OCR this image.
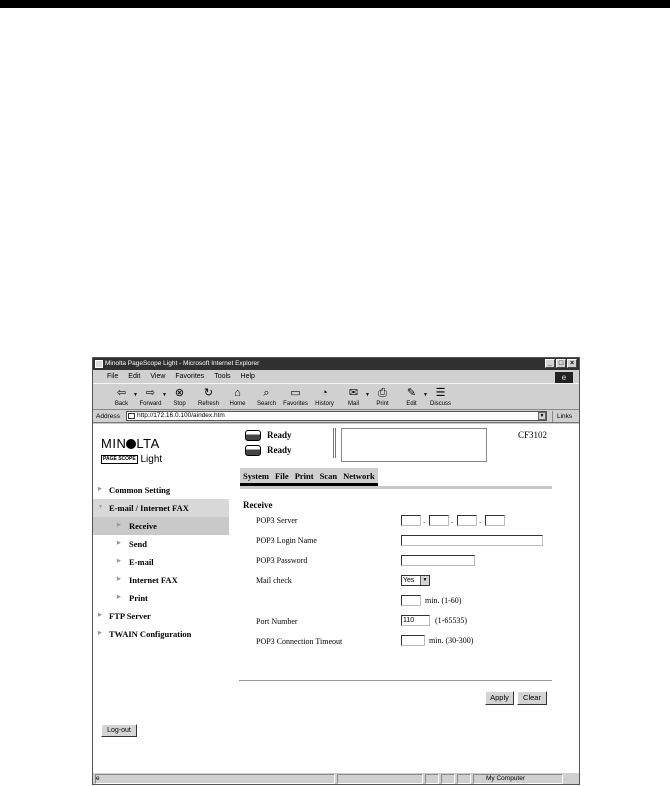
Minolta PageScope Light - Microsoft Internet Explorer	_ □ ×
File Edit View Favorites Tools Help	e
⇦
Back
▼ ⇨
Forward
▼ ⊗
Stop
↻
Refresh
⌂
Home
⌕
Search
▭
Favorites
◔
History
✉
Mail
▼ ⎙
Print
✎
Edit
▼ ☰
Discuss
Address	http://172.16.0.100/aindex.htm	▼	Links
MIN LTA
PAGE SCOPE Light
Ready
Ready
CF3102
System File Print Scan Network
▶ Common Setting
▼ E-mail / Internet FAX
▶ Receive
▶ Send
▶ E-mail
▶ Internet FAX
▶ Print
▶ FTP Server
▶ TWAIN Configuration
Log-out
Receive
POP3 Server	.	.	.
POP3 Login Name
POP3 Password
Mail check	Yes	▼
min. (1-60)
Port Number	110	(1-65535)
POP3 Connection Timeout	min. (30-300)
Apply	Clear
e	My Computer
